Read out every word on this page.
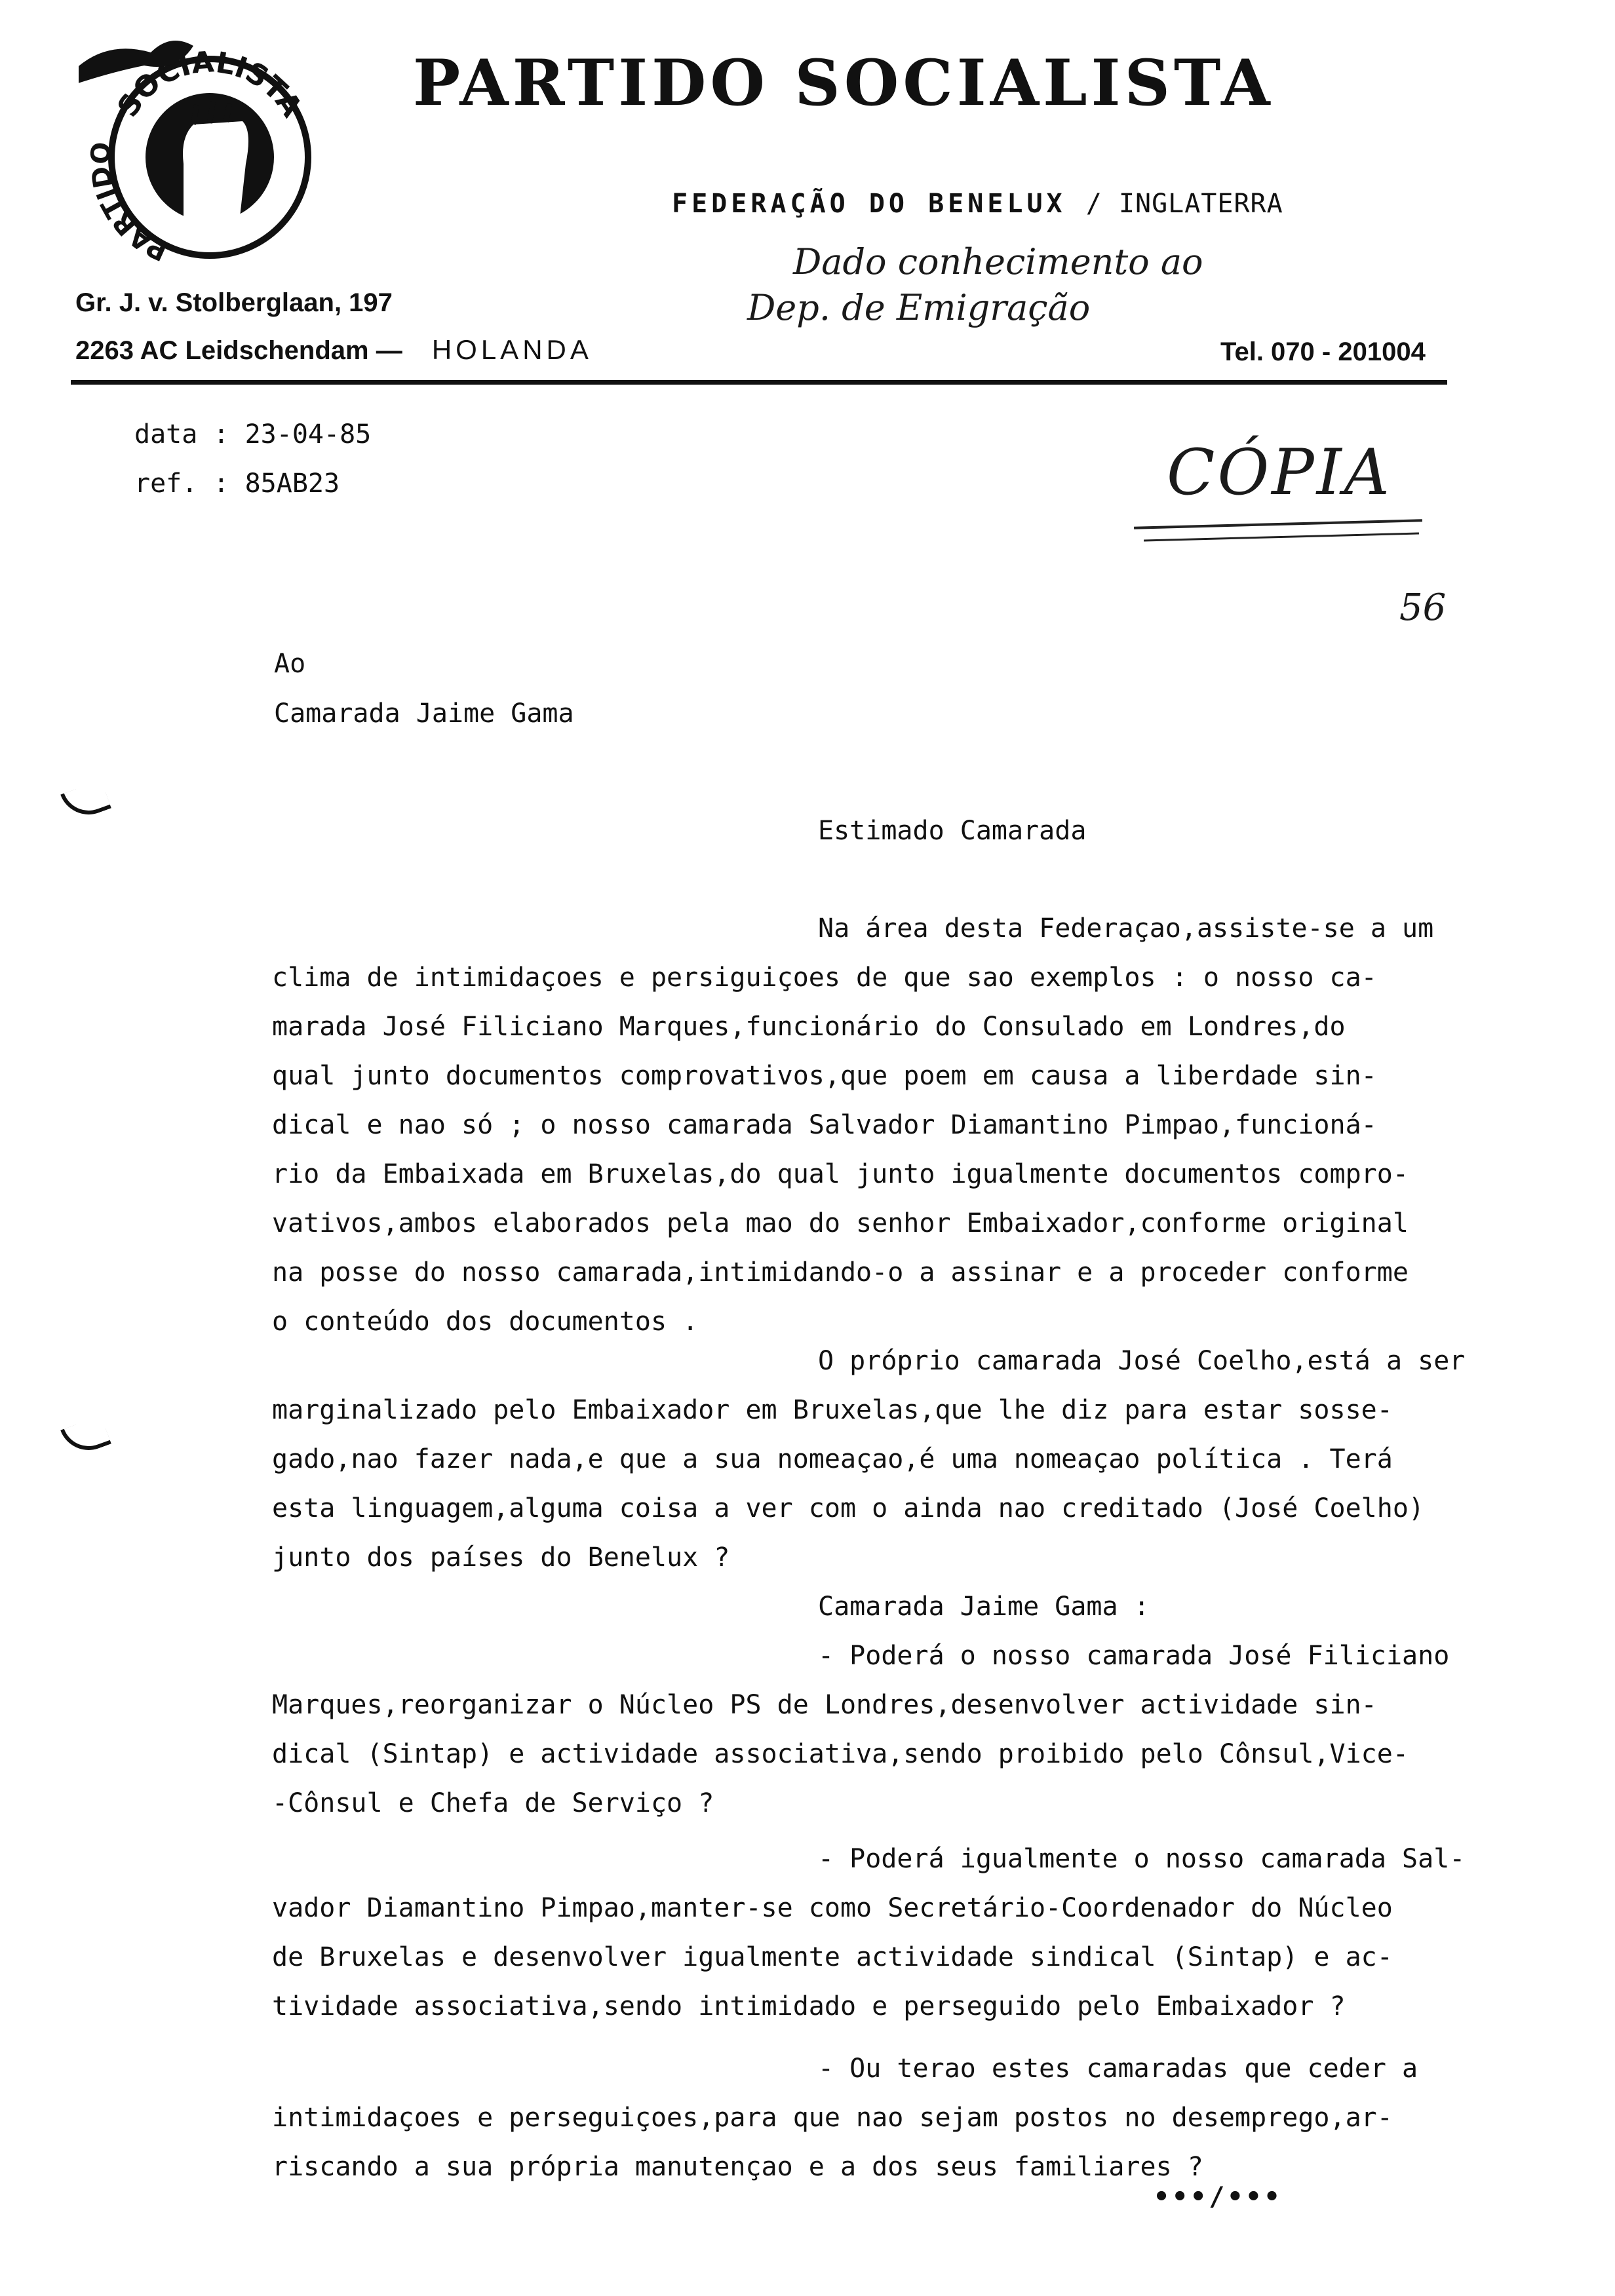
SOCIALISTA
PARTIDO
PARTIDO SOCIALISTA
FEDERAÇÃO DO BENELUX / INGLATERRA
Dado conhecimento ao
Dep. de Emigração
Gr. J. v. Stolberglaan, 197
2263 AC Leidschendam — HOLANDA	Tel. 070 - 201004
data : 23-04-85
ref. : 85AB23	CÓPIA
56
Ao
Camarada Jaime Gama
Estimado Camarada
Na área desta Federaçao,assiste-se a um
clima de intimidaçoes e persiguiçoes de que sao exemplos : o nosso ca-
marada José Filiciano Marques,funcionário do Consulado em Londres,do
qual junto documentos comprovativos,que poem em causa a liberdade sin-
dical e nao só ; o nosso camarada Salvador Diamantino Pimpao,funcioná-
rio da Embaixada em Bruxelas,do qual junto igualmente documentos compro-
vativos,ambos elaborados pela mao do senhor Embaixador,conforme original
na posse do nosso camarada,intimidando-o a assinar e a proceder conforme
o conteúdo dos documentos .
O próprio camarada José Coelho,está a ser
marginalizado pelo Embaixador em Bruxelas,que lhe diz para estar sosse-
gado,nao fazer nada,e que a sua nomeaçao,é uma nomeaçao política . Terá
esta linguagem,alguma coisa a ver com o ainda nao creditado (José Coelho)
junto dos países do Benelux ?
Camarada Jaime Gama :
- Poderá o nosso camarada José Filiciano
Marques,reorganizar o Núcleo PS de Londres,desenvolver actividade sin-
dical (Sintap) e actividade associativa,sendo proibido pelo Cônsul,Vice-
-Cônsul e Chefa de Serviço ?
- Poderá igualmente o nosso camarada Sal-
vador Diamantino Pimpao,manter-se como Secretário-Coordenador do Núcleo
de Bruxelas e desenvolver igualmente actividade sindical (Sintap) e ac-
tividade associativa,sendo intimidado e perseguido pelo Embaixador ?
- Ou terao estes camaradas que ceder a
intimidaçoes e perseguiçoes,para que nao sejam postos no desemprego,ar-
riscando a sua própria manutençao e a dos seus familiares ?
•••/•••
